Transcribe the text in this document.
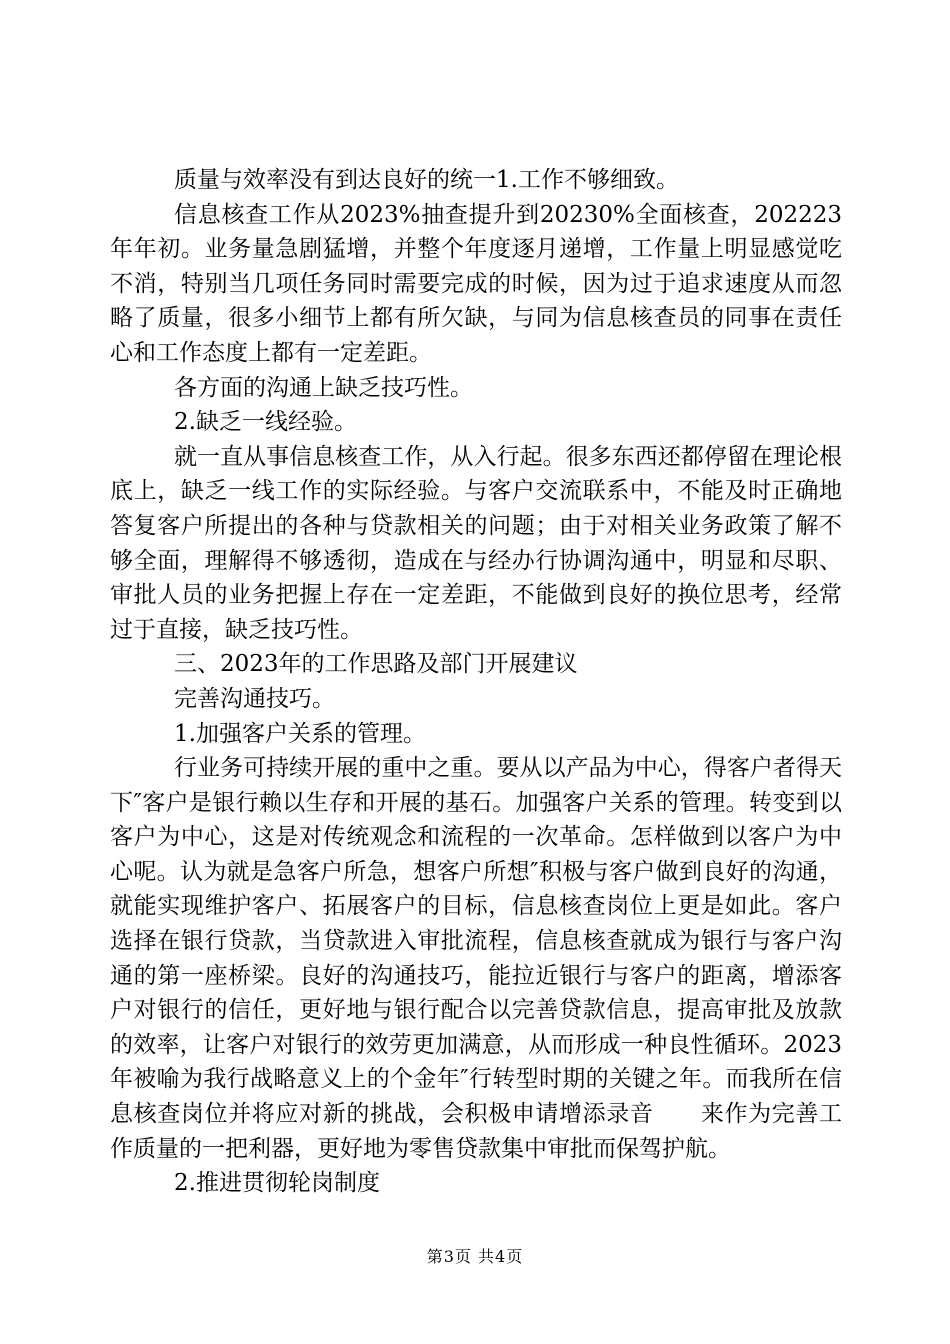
质量与效率没有到达良好的统一1.工作不够细致。

信息核查工作从2023%抽查提升到20230%全面核查，202223年年初。业务量急剧猛增，并整个年度逐月递增，工作量上明显感觉吃不消，特别当几项任务同时需要完成的时候，因为过于追求速度从而忽略了质量，很多小细节上都有所欠缺，与同为信息核查员的同事在责任心和工作态度上都有一定差距。

各方面的沟通上缺乏技巧性。

2.缺乏一线经验。

就一直从事信息核查工作，从入行起。很多东西还都停留在理论根底上，缺乏一线工作的实际经验。与客户交流联系中，不能及时正确地答复客户所提出的各种与贷款相关的问题；由于对相关业务政策了解不够全面，理解得不够透彻，造成在与经办行协调沟通中，明显和尽职、审批人员的业务把握上存在一定差距，不能做到良好的换位思考，经常过于直接，缺乏技巧性。

三、2023年的工作思路及部门开展建议

完善沟通技巧。

1.加强客户关系的管理。

行业务可持续开展的重中之重。要从以产品为中心，得客户者得天下″客户是银行赖以生存和开展的基石。加强客户关系的管理。转变到以客户为中心，这是对传统观念和流程的一次革命。怎样做到以客户为中心呢。认为就是急客户所急，想客户所想″积极与客户做到良好的沟通，就能实现维护客户、拓展客户的目标，信息核查岗位上更是如此。客户选择在银行贷款，当贷款进入审批流程，信息核查就成为银行与客户沟通的第一座桥梁。良好的沟通技巧，能拉近银行与客户的距离，增添客户对银行的信任，更好地与银行配合以完善贷款信息，提高审批及放款的效率，让客户对银行的效劳更加满意，从而形成一种良性循环。2023年被喻为我行战略意义上的个金年″行转型时期的关键之年。而我所在信息核查岗位并将应对新的挑战，会积极申请增添录音　　来作为完善工作质量的一把利器，更好地为零售贷款集中审批而保驾护航。

2.推进贯彻轮岗制度

第3页 共4页
